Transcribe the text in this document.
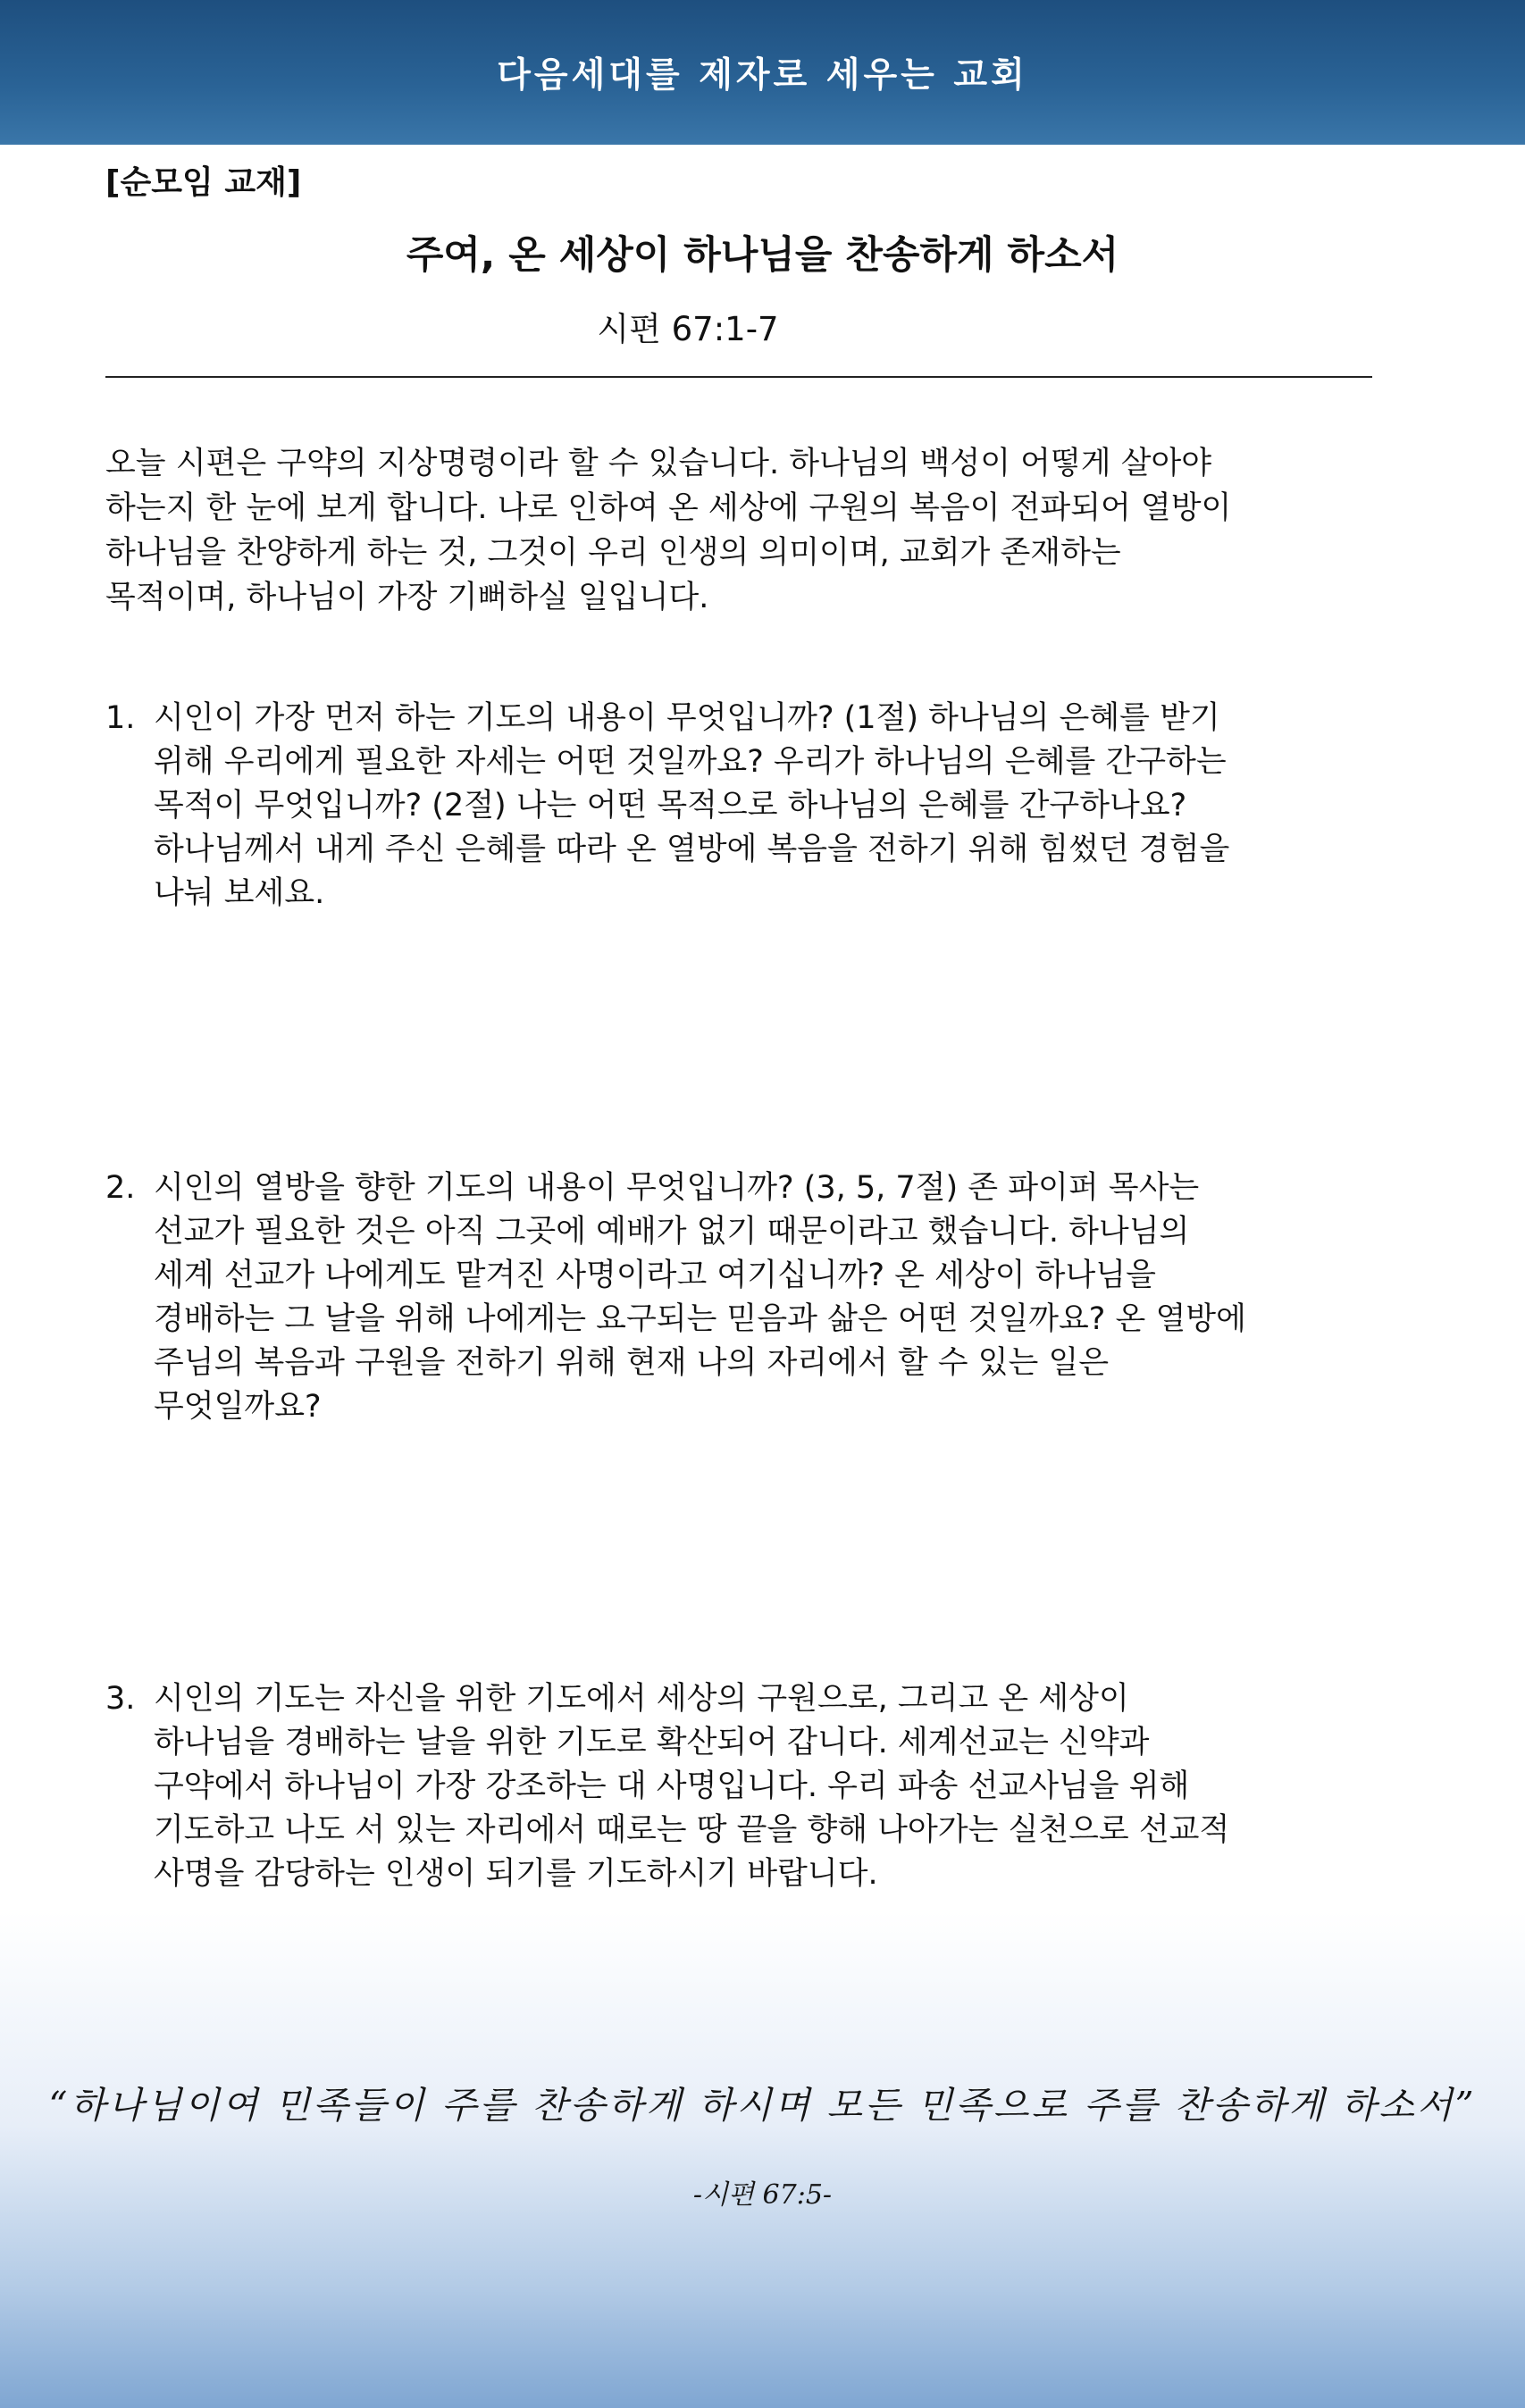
다음세대를 제자로 세우는 교회
[순모임 교재]
주여, 온 세상이 하나님을 찬송하게 하소서
시편 67:1-7
오늘 시편은 구약의 지상명령이라 할 수 있습니다. 하나님의 백성이 어떻게 살아야
하는지 한 눈에 보게 합니다. 나로 인하여 온 세상에 구원의 복음이 전파되어 열방이
하나님을 찬양하게 하는 것, 그것이 우리 인생의 의미이며, 교회가 존재하는
목적이며, 하나님이 가장 기뻐하실 일입니다.
1. 시인이 가장 먼저 하는 기도의 내용이 무엇입니까? (1절) 하나님의 은혜를 받기
위해 우리에게 필요한 자세는 어떤 것일까요? 우리가 하나님의 은혜를 간구하는
목적이 무엇입니까? (2절) 나는 어떤 목적으로 하나님의 은혜를 간구하나요?
하나님께서 내게 주신 은혜를 따라 온 열방에 복음을 전하기 위해 힘썼던 경험을
나눠 보세요.
2. 시인의 열방을 향한 기도의 내용이 무엇입니까? (3, 5, 7절) 존 파이퍼 목사는
선교가 필요한 것은 아직 그곳에 예배가 없기 때문이라고 했습니다. 하나님의
세계 선교가 나에게도 맡겨진 사명이라고 여기십니까? 온 세상이 하나님을
경배하는 그 날을 위해 나에게는 요구되는 믿음과 삶은 어떤 것일까요? 온 열방에
주님의 복음과 구원을 전하기 위해 현재 나의 자리에서 할 수 있는 일은
무엇일까요?
3. 시인의 기도는 자신을 위한 기도에서 세상의 구원으로, 그리고 온 세상이
하나님을 경배하는 날을 위한 기도로 확산되어 갑니다. 세계선교는 신약과
구약에서 하나님이 가장 강조하는 대 사명입니다. 우리 파송 선교사님을 위해
기도하고 나도 서 있는 자리에서 때로는 땅 끝을 향해 나아가는 실천으로 선교적
사명을 감당하는 인생이 되기를 기도하시기 바랍니다.
“하나님이여 민족들이 주를 찬송하게 하시며 모든 민족으로 주를 찬송하게 하소서”
-시편 67:5-
